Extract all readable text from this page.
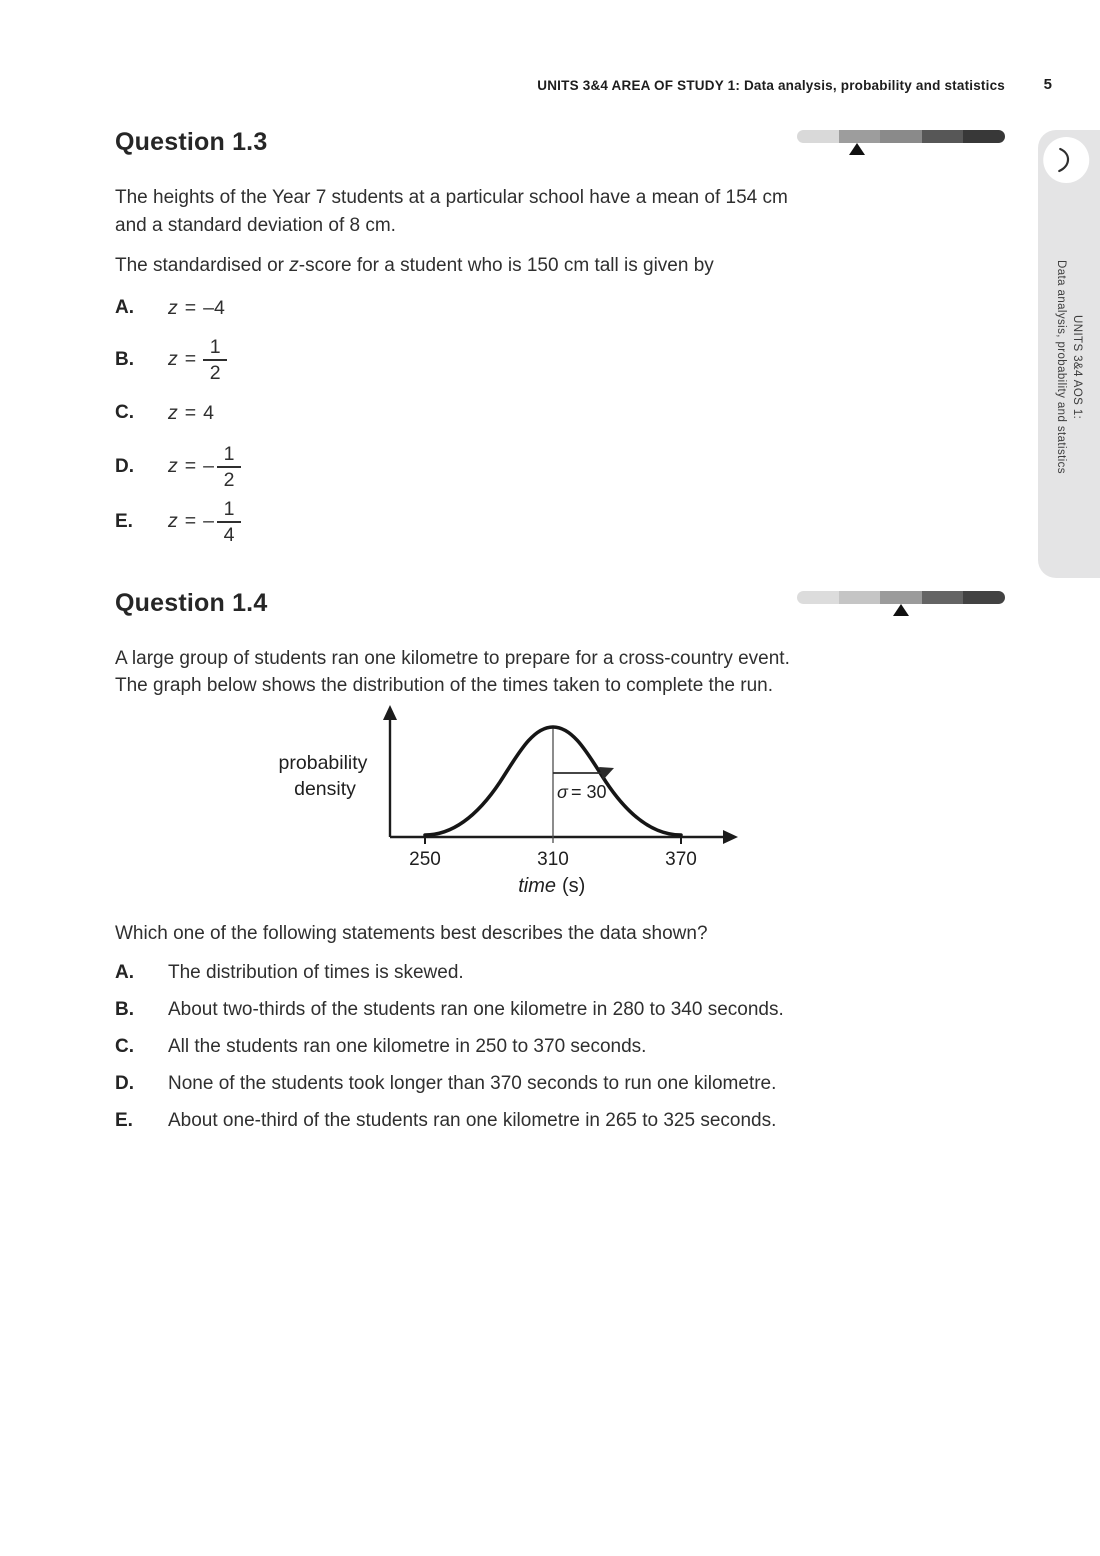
UNITS 3&4 AREA OF STUDY 1: Data analysis, probability and statistics	5
Question 1.3
The heights of the Year 7 students at a particular school have a mean of 154 cm
and a standard deviation of 8 cm.
The standardised or z-score for a student who is 150 cm tall is given by
A.	z = –4
B.	$z = \frac{1}{2}$
C.	z = 4
D.	z = – $\frac{1}{2}$
E.	z = – $\frac{1}{4}$
Question 1.4
A large group of students ran one kilometre to prepare for a cross-country event.
The graph below shows the distribution of the times taken to complete the run.
σ = 30
probability
density
250	310	370
time (s)
Which one of the following statements best describes the data shown?
A.	The distribution of times is skewed.
B.	About two-thirds of the students ran one kilometre in 280 to 340 seconds.
C.	All the students ran one kilometre in 250 to 370 seconds.
D.	None of the students took longer than 370 seconds to run one kilometre.
E.	About one-third of the students ran one kilometre in 265 to 325 seconds.
UNITS 3&4 AOS 1:
Data analysis, probability and statistics
